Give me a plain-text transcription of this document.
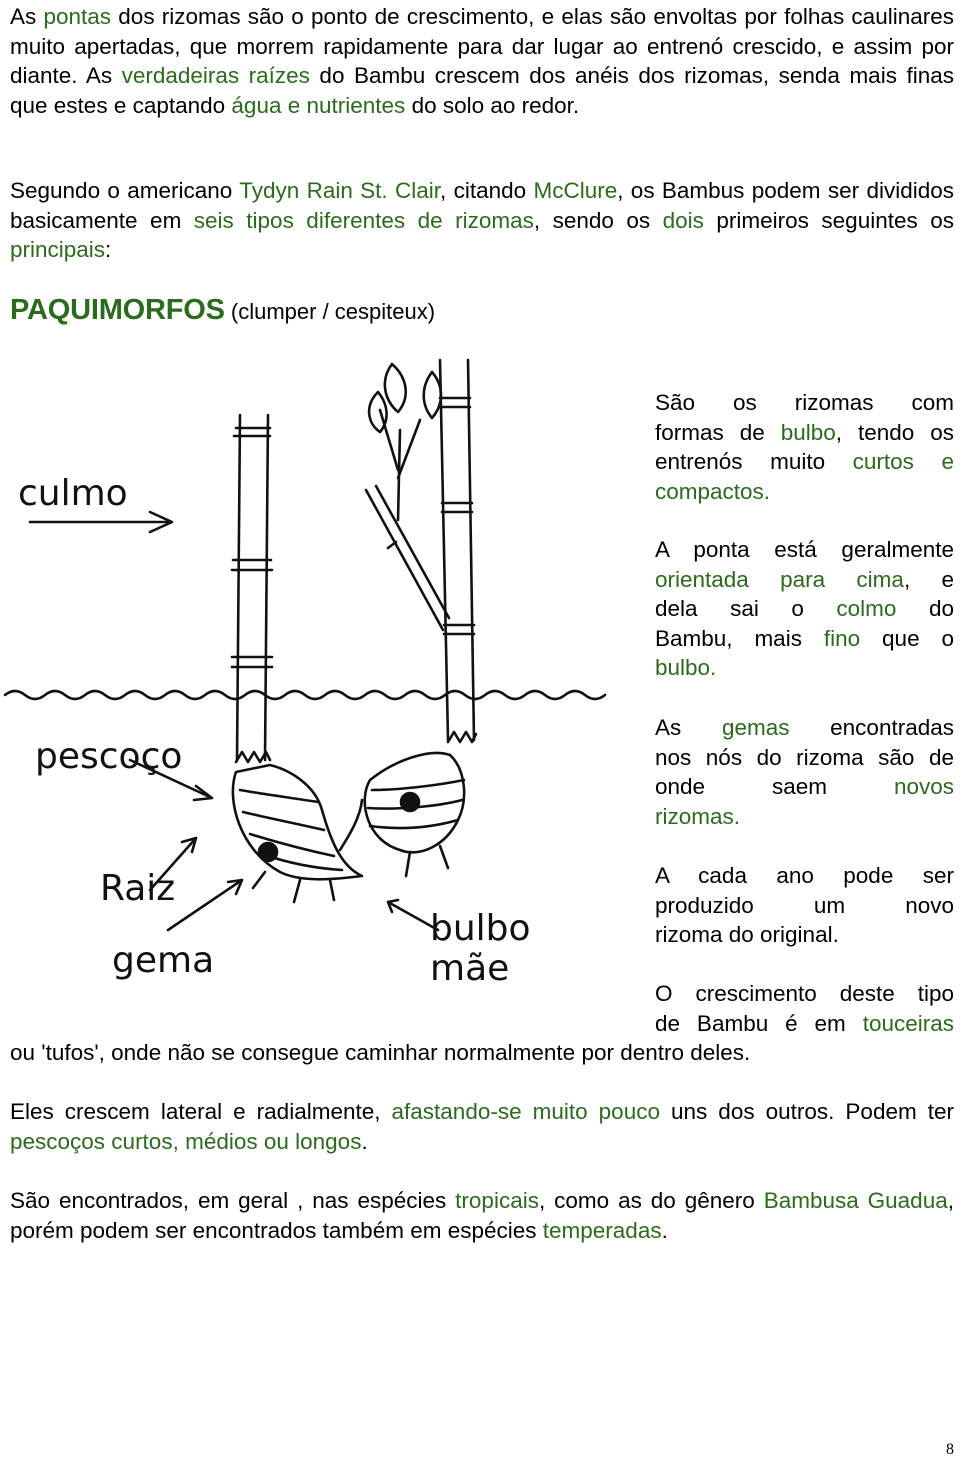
As pontas dos rizomas são o ponto de crescimento, e elas são envoltas por folhas caulinares muito apertadas, que morrem rapidamente para dar lugar ao entrenó crescido, e assim por diante. As verdadeiras raízes do Bambu crescem dos anéis dos rizomas, senda mais finas que estes e captando água e nutrientes do solo ao redor.

Segundo o americano Tydyn Rain St. Clair, citando McClure, os Bambus podem ser divididos basicamente em seis tipos diferentes de rizomas, sendo os dois primeiros seguintes os principais:

PAQUIMORFOS (clumper / cespiteux)

culmo
pescoço
Raiz
gema
bulbo
mãe
São os rizomas com
formas de bulbo, tendo os
entrenós muito curtos e
compactos.
A ponta está geralmente
orientada para cima, e
dela sai o colmo do
Bambu, mais fino que o
bulbo.
As gemas encontradas
nos nós do rizoma são de
onde saem novos
rizomas.
A cada ano pode ser
produzido um novo
rizoma do original.
O crescimento deste tipo
de Bambu é em touceiras

ou 'tufos', onde não se consegue caminhar normalmente por dentro deles.

Eles crescem lateral e radialmente, afastando-se muito pouco uns dos outros. Podem ter pescoços curtos, médios ou longos.

São encontrados, em geral , nas espécies tropicais, como as do gênero Bambusa Guadua, porém podem ser encontrados também em espécies temperadas.

8
